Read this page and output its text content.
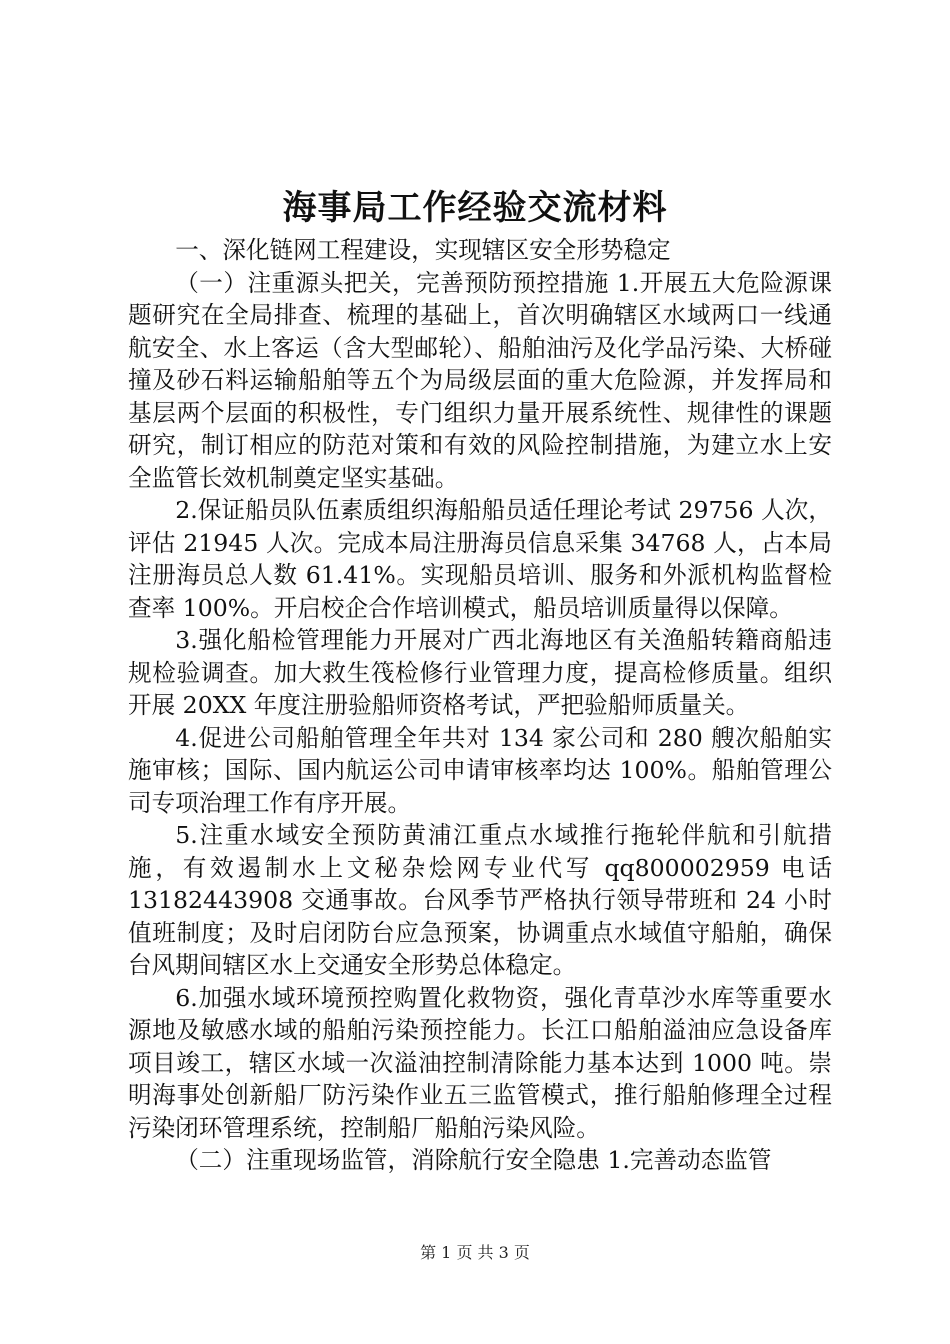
海事局工作经验交流材料

一、深化链网工程建设，实现辖区安全形势稳定

（一）注重源头把关，完善预防预控措施 1.开展五大危险源课题研究在全局排查、梳理的基础上，首次明确辖区水域两口一线通航安全、水上客运（含大型邮轮）、船舶油污及化学品污染、大桥碰撞及砂石料运输船舶等五个为局级层面的重大危险源，并发挥局和基层两个层面的积极性，专门组织力量开展系统性、规律性的课题研究，制订相应的防范对策和有效的风险控制措施，为建立水上安全监管长效机制奠定坚实基础。

2.保证船员队伍素质组织海船船员适任理论考试 29756 人次，评估 21945 人次。完成本局注册海员信息采集 34768 人，占本局注册海员总人数 61.41%。实现船员培训、服务和外派机构监督检查率 100%。开启校企合作培训模式，船员培训质量得以保障。

3.强化船检管理能力开展对广西北海地区有关渔船转籍商船违规检验调查。加大救生筏检修行业管理力度，提高检修质量。组织开展 20XX 年度注册验船师资格考试，严把验船师质量关。

4.促进公司船舶管理全年共对 134 家公司和 280 艘次船舶实施审核；国际、国内航运公司申请审核率均达 100%。船舶管理公司专项治理工作有序开展。

5.注重水域安全预防黄浦江重点水域推行拖轮伴航和引航措施，有效遏制水上文秘杂烩网专业代写 qq800002959 电话 13182443908 交通事故。台风季节严格执行领导带班和 24 小时值班制度；及时启闭防台应急预案，协调重点水域值守船舶，确保台风期间辖区水上交通安全形势总体稳定。

6.加强水域环境预控购置化救物资，强化青草沙水库等重要水源地及敏感水域的船舶污染预控能力。长江口船舶溢油应急设备库项目竣工，辖区水域一次溢油控制清除能力基本达到 1000 吨。崇明海事处创新船厂防污染作业五三监管模式，推行船舶修理全过程污染闭环管理系统，控制船厂船舶污染风险。

（二）注重现场监管，消除航行安全隐患 1.完善动态监管

第 1 页 共 3 页
